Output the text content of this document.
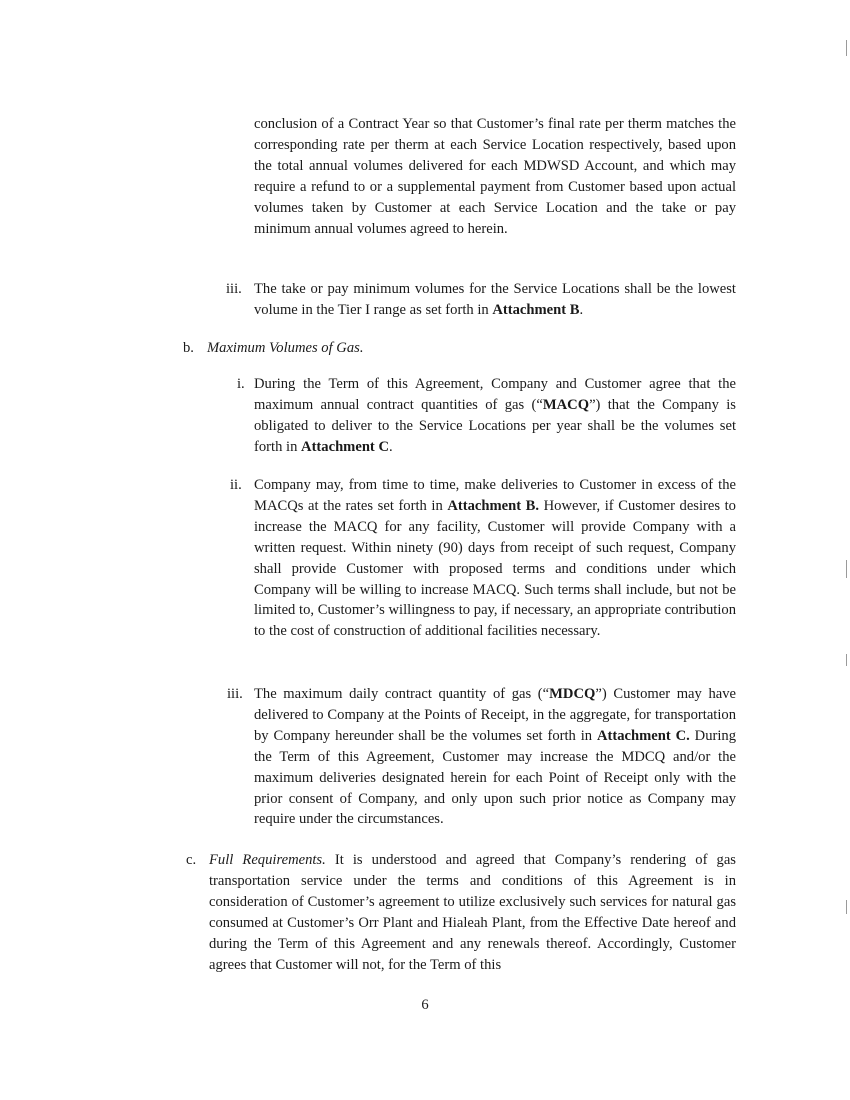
conclusion of a Contract Year so that Customer’s final rate per therm matches the corresponding rate per therm at each Service Location respectively, based upon the total annual volumes delivered for each MDWSD Account, and which may require a refund to or a supplemental payment from Customer based upon actual volumes taken by Customer at each Service Location and the take or pay minimum annual volumes agreed to herein.

iii. The take or pay minimum volumes for the Service Locations shall be the lowest volume in the Tier I range as set forth in Attachment B.

b. Maximum Volumes of Gas.
i. During the Term of this Agreement, Company and Customer agree that the maximum annual contract quantities of gas (“MACQ”) that the Company is obligated to deliver to the Service Locations per year shall be the volumes set forth in Attachment C.

ii. Company may, from time to time, make deliveries to Customer in excess of the MACQs at the rates set forth in Attachment B. However, if Customer desires to increase the MACQ for any facility, Customer will provide Company with a written request. Within ninety (90) days from receipt of such request, Company shall provide Customer with proposed terms and conditions under which Company will be willing to increase MACQ. Such terms shall include, but not be limited to, Customer’s willingness to pay, if necessary, an appropriate contribution to the cost of construction of additional facilities necessary.

iii. The maximum daily contract quantity of gas (“MDCQ”) Customer may have delivered to Company at the Points of Receipt, in the aggregate, for transportation by Company hereunder shall be the volumes set forth in Attachment C. During the Term of this Agreement, Customer may increase the MDCQ and/or the maximum deliveries designated herein for each Point of Receipt only with the prior consent of Company, and only upon such prior notice as Company may require under the circumstances.

c. Full Requirements. It is understood and agreed that Company’s rendering of gas transportation service under the terms and conditions of this Agreement is in consideration of Customer’s agreement to utilize exclusively such services for natural gas consumed at Customer’s Orr Plant and Hialeah Plant, from the Effective Date hereof and during the Term of this Agreement and any renewals thereof. Accordingly, Customer agrees that Customer will not, for the Term of this

6
